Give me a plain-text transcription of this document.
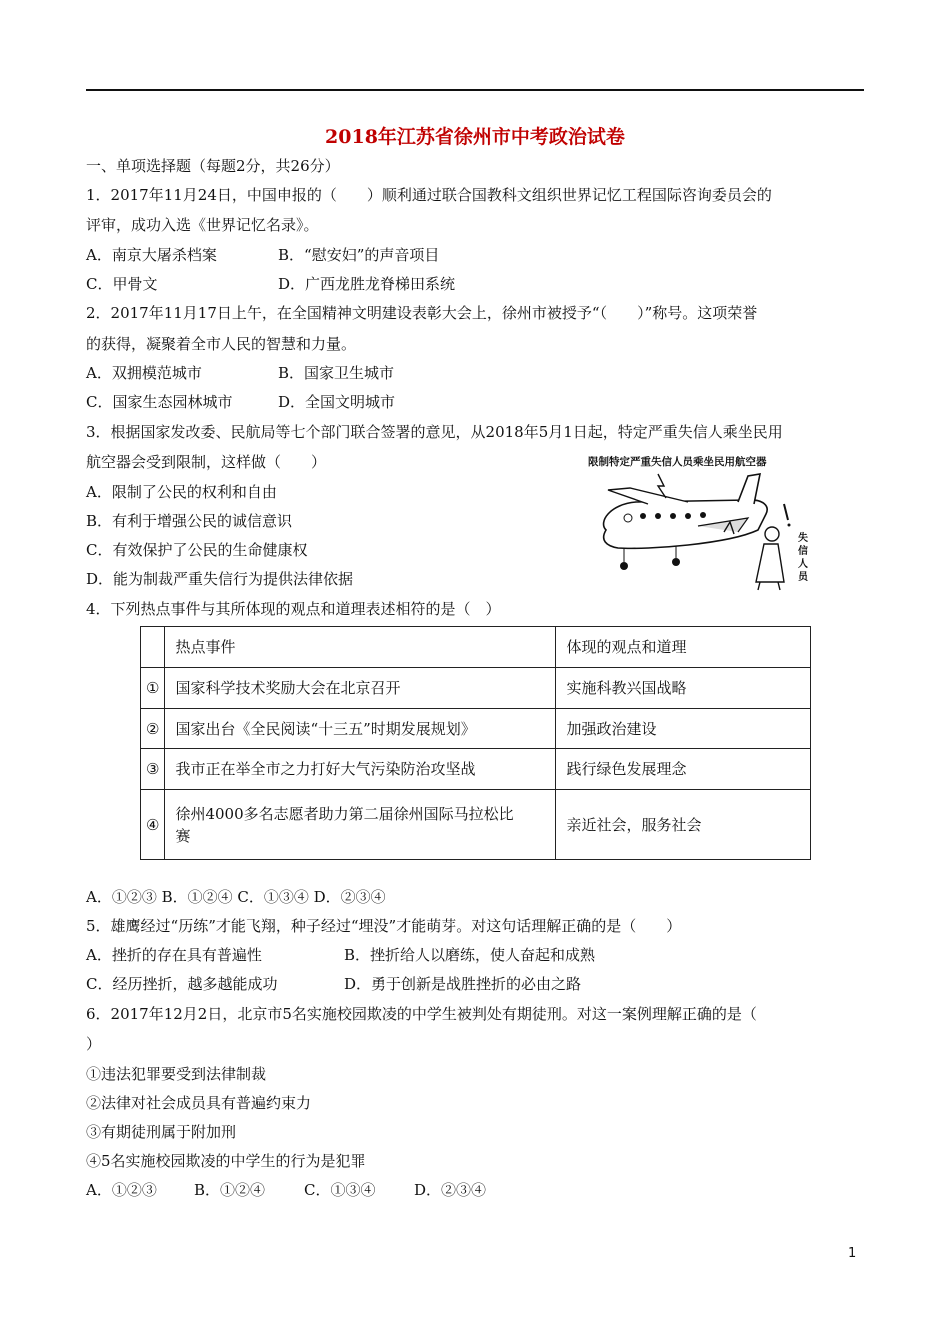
2018年江苏省徐州市中考政治试卷
一、单项选择题（每题2分，共26分）
1．2017年11月24日，中国申报的（　　）顺利通过联合国教科文组织世界记忆工程国际咨询委员会的
评审，成功入选《世界记忆名录》。
A．南京大屠杀档案	B．“慰安妇”的声音项目
C．甲骨文	D．广西龙胜龙脊梯田系统
2．2017年11月17日上午，在全国精神文明建设表彰大会上，徐州市被授予“（　　）”称号。这项荣誉
的获得，凝聚着全市人民的智慧和力量。
A．双拥模范城市	B．国家卫生城市
C．国家生态园林城市	D．全国文明城市
3．根据国家发改委、民航局等七个部门联合签署的意见，从2018年5月1日起，特定严重失信人乘坐民用
航空器会受到限制，这样做（　　）
A．限制了公民的权利和自由
B．有利于增强公民的诚信意识
C．有效保护了公民的生命健康权
D．能为制裁严重失信行为提供法律依据
限制特定严重失信人员乘坐民用航空器
失
信
人
员
4．下列热点事件与其所体现的观点和道理表述相符的是（　）
	热点事件	体现的观点和道理
①	国家科学技术奖励大会在北京召开	实施科教兴国战略
②	国家出台《全民阅读“十三五”时期发展规划》	加强政治建设
③	我市正在举全市之力打好大气污染防治攻坚战	践行绿色发展理念
④	徐州4000多名志愿者助力第二届徐州国际马拉松比
赛	亲近社会，服务社会
A．①②③ B．①②④ C．①③④ D．②③④
5．雄鹰经过“历练”才能飞翔，种子经过“埋没”才能萌芽。对这句话理解正确的是（　　）
A．挫折的存在具有普遍性	B．挫折给人以磨练，使人奋起和成熟
C．经历挫折，越多越能成功	D．勇于创新是战胜挫折的必由之路
6．2017年12月2日，北京市5名实施校园欺凌的中学生被判处有期徒刑。对这一案例理解正确的是（
）
①违法犯罪要受到法律制裁
②法律对社会成员具有普遍约束力
③有期徒刑属于附加刑
④5名实施校园欺凌的中学生的行为是犯罪
A．①②③ B．①②④	C．①③④	D．②③④
1
